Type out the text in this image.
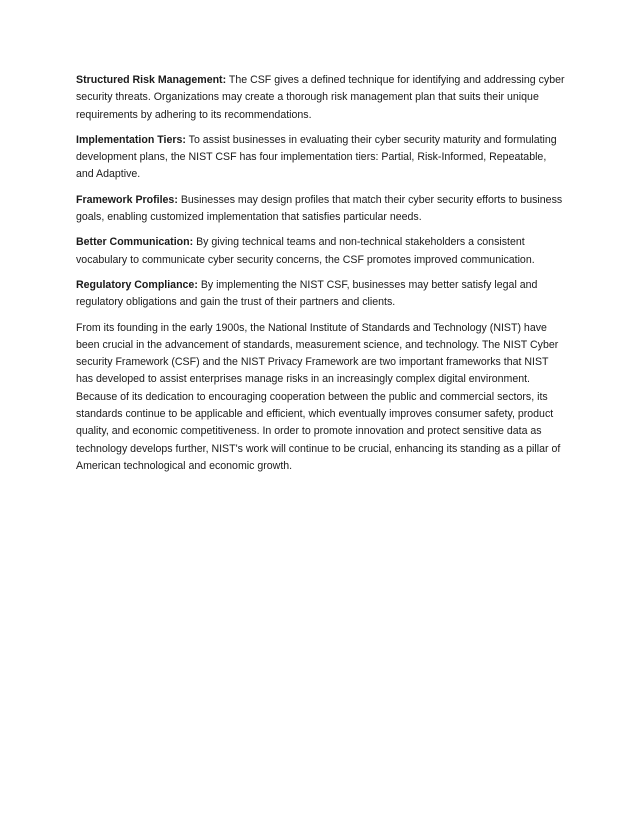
Structured Risk Management: The CSF gives a defined technique for identifying and addressing cyber security threats. Organizations may create a thorough risk management plan that suits their unique requirements by adhering to its recommendations.

Implementation Tiers: To assist businesses in evaluating their cyber security maturity and formulating development plans, the NIST CSF has four implementation tiers: Partial, Risk-Informed, Repeatable, and Adaptive.

Framework Profiles: Businesses may design profiles that match their cyber security efforts to business goals, enabling customized implementation that satisfies particular needs.

Better Communication: By giving technical teams and non-technical stakeholders a consistent vocabulary to communicate cyber security concerns, the CSF promotes improved communication.

Regulatory Compliance: By implementing the NIST CSF, businesses may better satisfy legal and regulatory obligations and gain the trust of their partners and clients.

From its founding in the early 1900s, the National Institute of Standards and Technology (NIST) have been crucial in the advancement of standards, measurement science, and technology. The NIST Cyber security Framework (CSF) and the NIST Privacy Framework are two important frameworks that NIST has developed to assist enterprises manage risks in an increasingly complex digital environment. Because of its dedication to encouraging cooperation between the public and commercial sectors, its standards continue to be applicable and efficient, which eventually improves consumer safety, product quality, and economic competitiveness. In order to promote innovation and protect sensitive data as technology develops further, NIST's work will continue to be crucial, enhancing its standing as a pillar of American technological and economic growth.
